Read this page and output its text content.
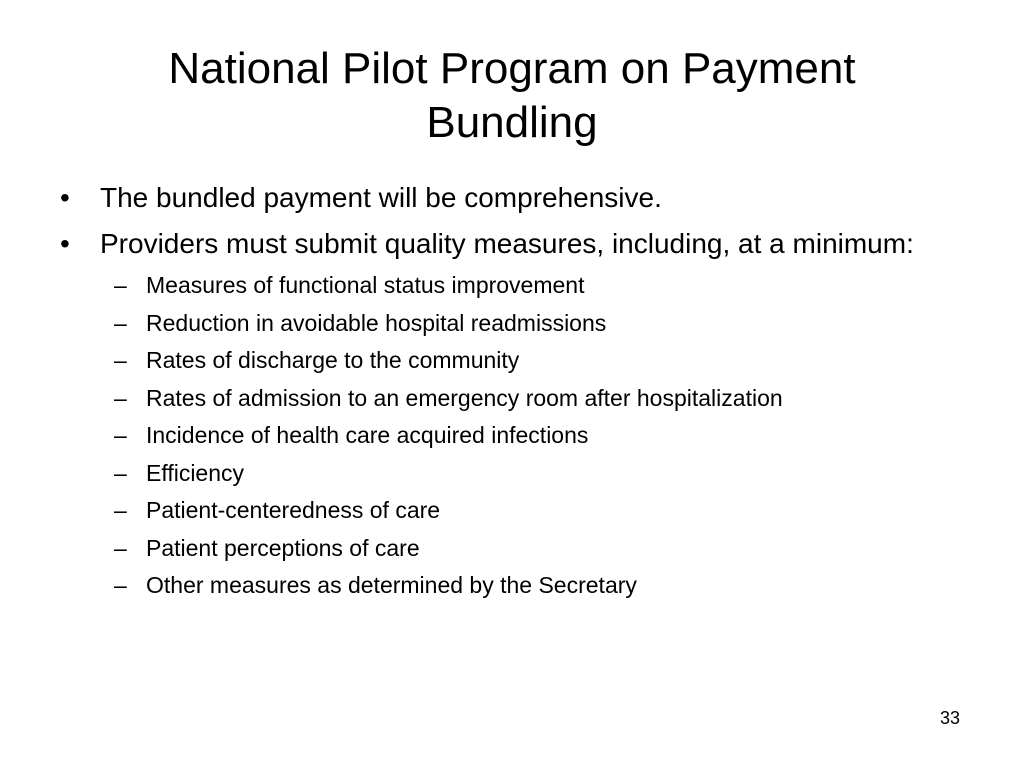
National Pilot Program on Payment Bundling
• The bundled payment will be comprehensive.
• Providers must submit quality measures, including, at a minimum:
– Measures of functional status improvement
– Reduction in avoidable hospital readmissions
– Rates of discharge to the community
– Rates of admission to an emergency room after hospitalization
– Incidence of health care acquired infections
– Efficiency
– Patient-centeredness of care
– Patient perceptions of care
– Other measures as determined by the Secretary
33
